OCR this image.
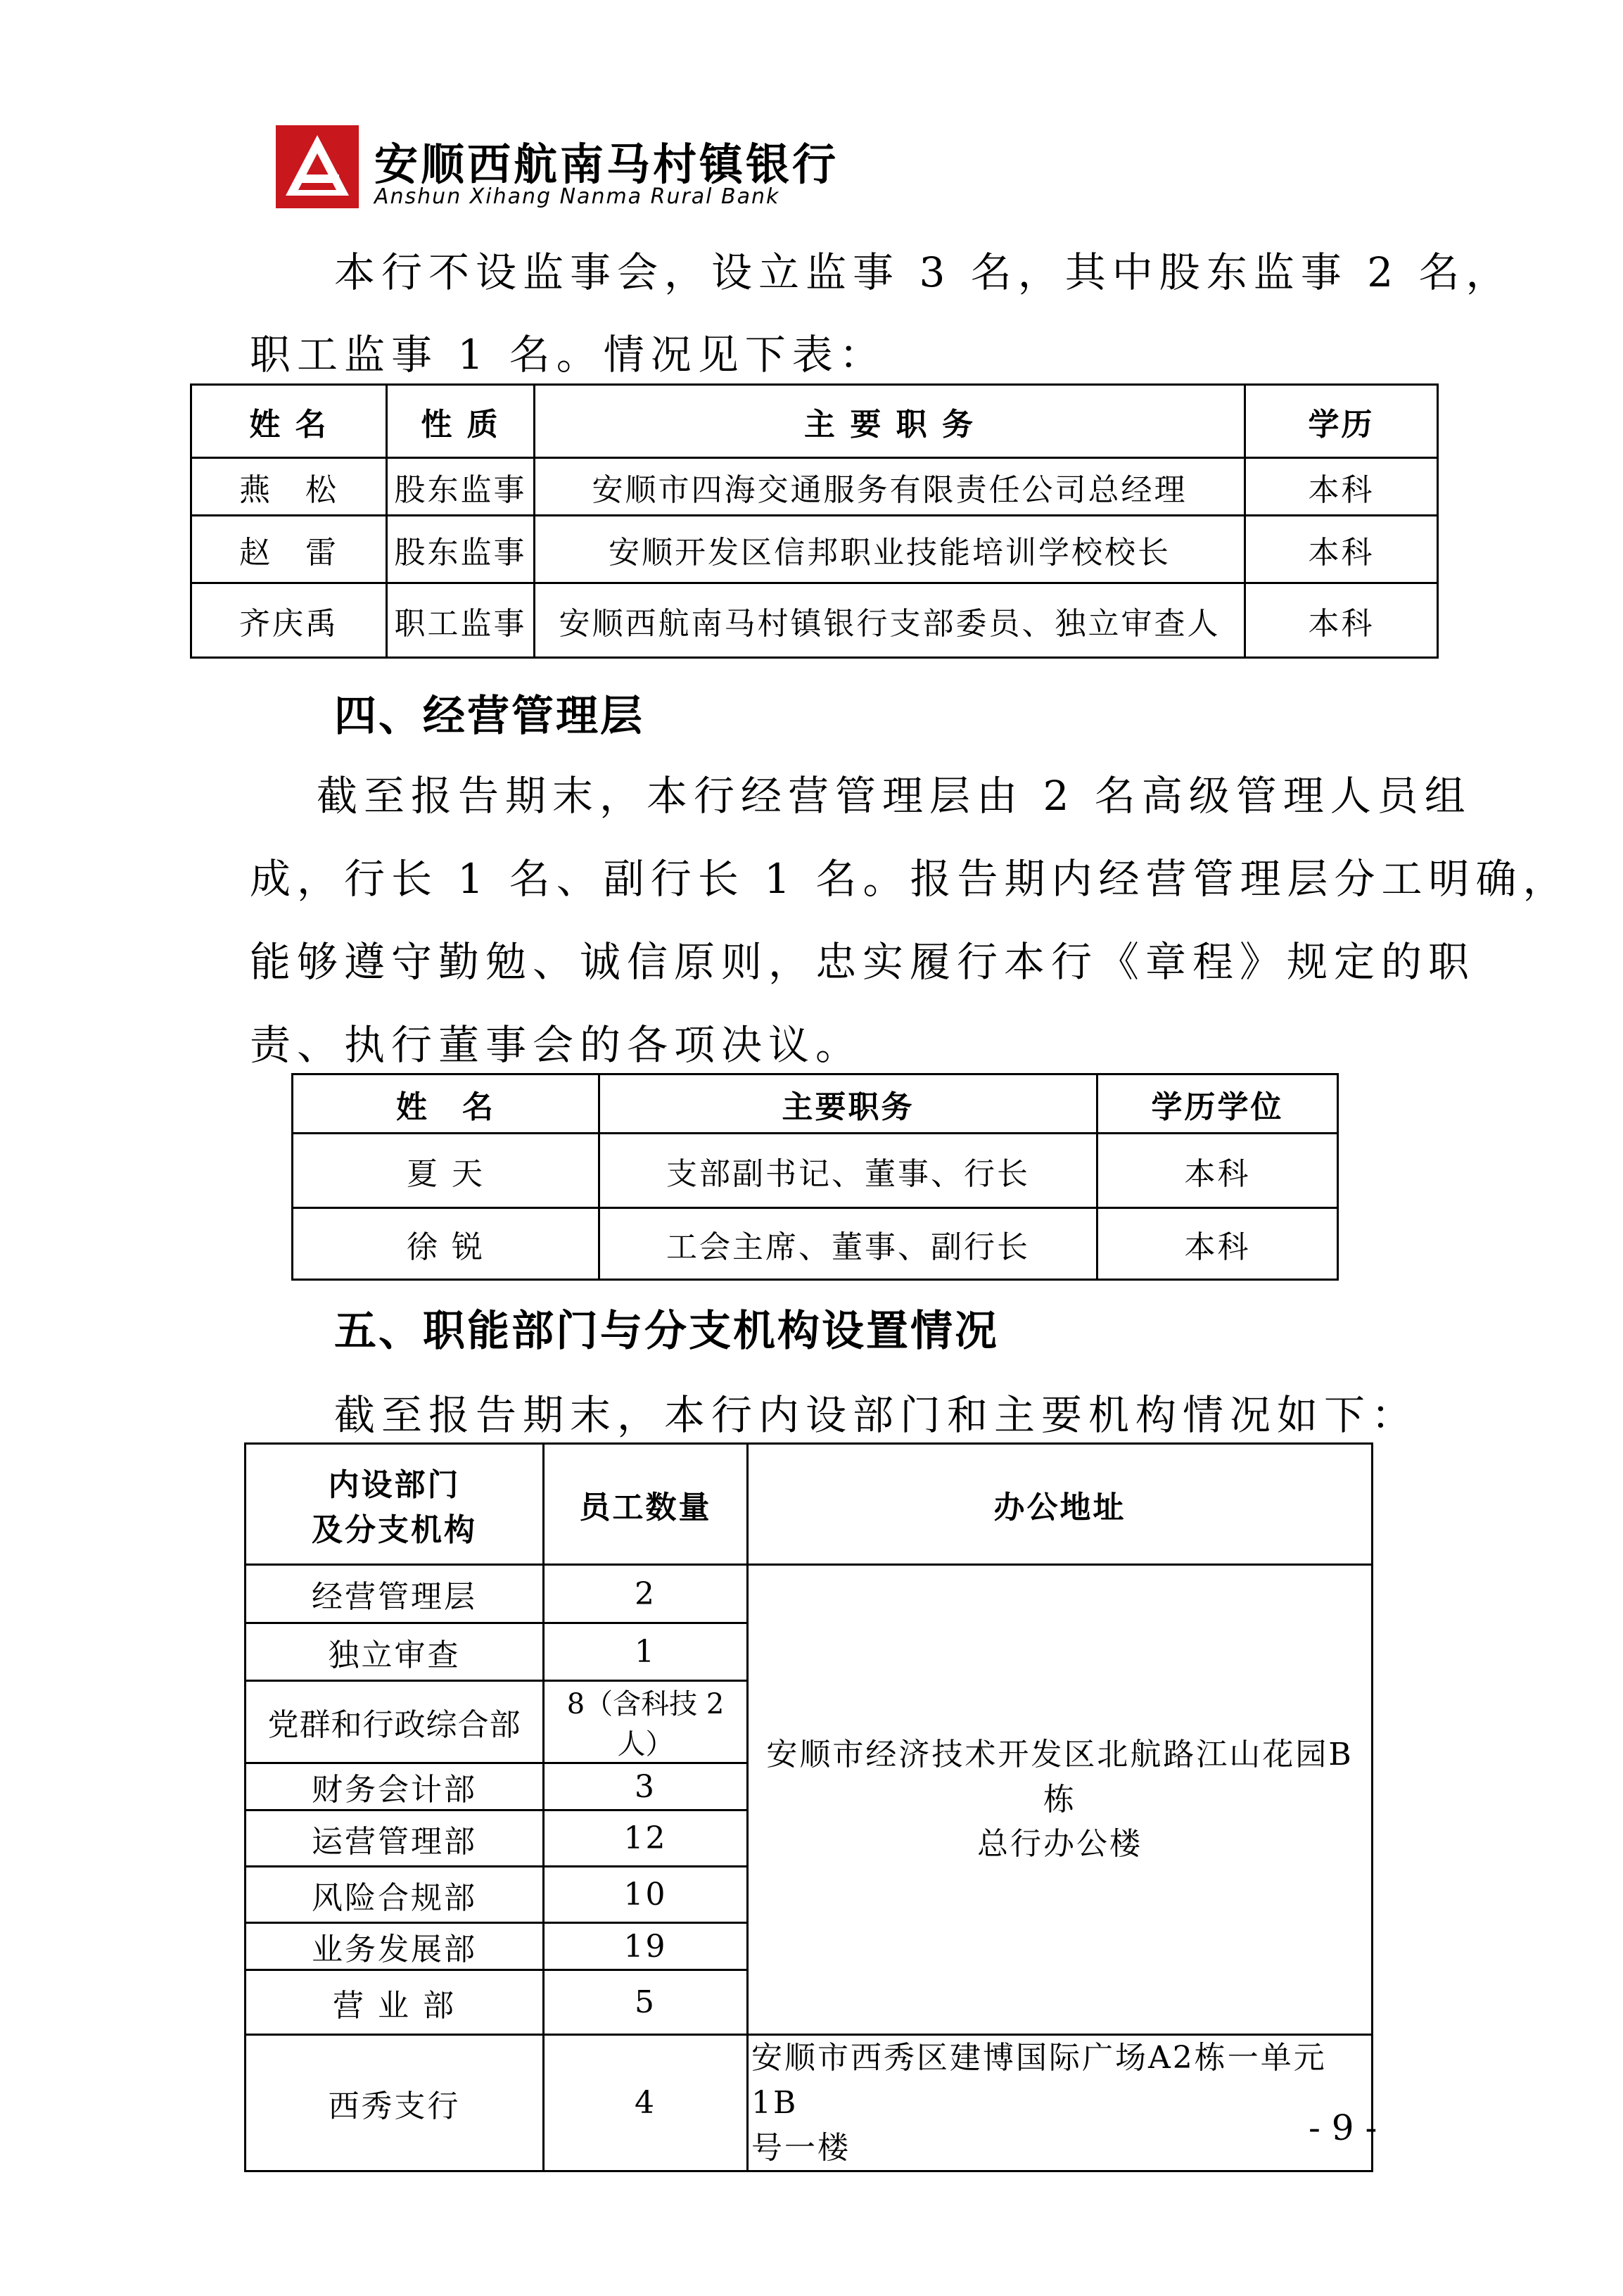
安顺西航南马村镇银行
Anshun Xihang Nanma Rural Bank
本行不设监事会，设立监事 3 名，其中股东监事 2 名，
职工监事 1 名。情况见下表：
姓 名	性 质	主 要 职 务	学历
燕　松	股东监事	安顺市四海交通服务有限责任公司总经理	本科
赵　雷	股东监事	安顺开发区信邦职业技能培训学校校长	本科
齐庆禹	职工监事	安顺西航南马村镇银行支部委员、独立审查人	本科
四、经营管理层
截至报告期末，本行经营管理层由 2 名高级管理人员组
成，行长 1 名、副行长 1 名。报告期内经营管理层分工明确，
能够遵守勤勉、诚信原则，忠实履行本行《章程》规定的职
责、执行董事会的各项决议。
姓　名	主要职务	学历学位
夏 天	支部副书记、董事、行长	本科
徐 锐	工会主席、董事、副行长	本科
五、职能部门与分支机构设置情况
截至报告期末，本行内设部门和主要机构情况如下：
内设部门
及分支机构	员工数量	办公地址
经营管理层	2	安顺市经济技术开发区北航路江山花园B栋
总行办公楼

独立审查	1	
党群和行政综合部	8（含科技 2 人）	
财务会计部	3	
运营管理部	12	
风险合规部	10	
业务发展部	19	
营 业 部	5	
西秀支行	4	安顺市西秀区建博国际广场A2栋一单元1B
号一楼	- 9 -
